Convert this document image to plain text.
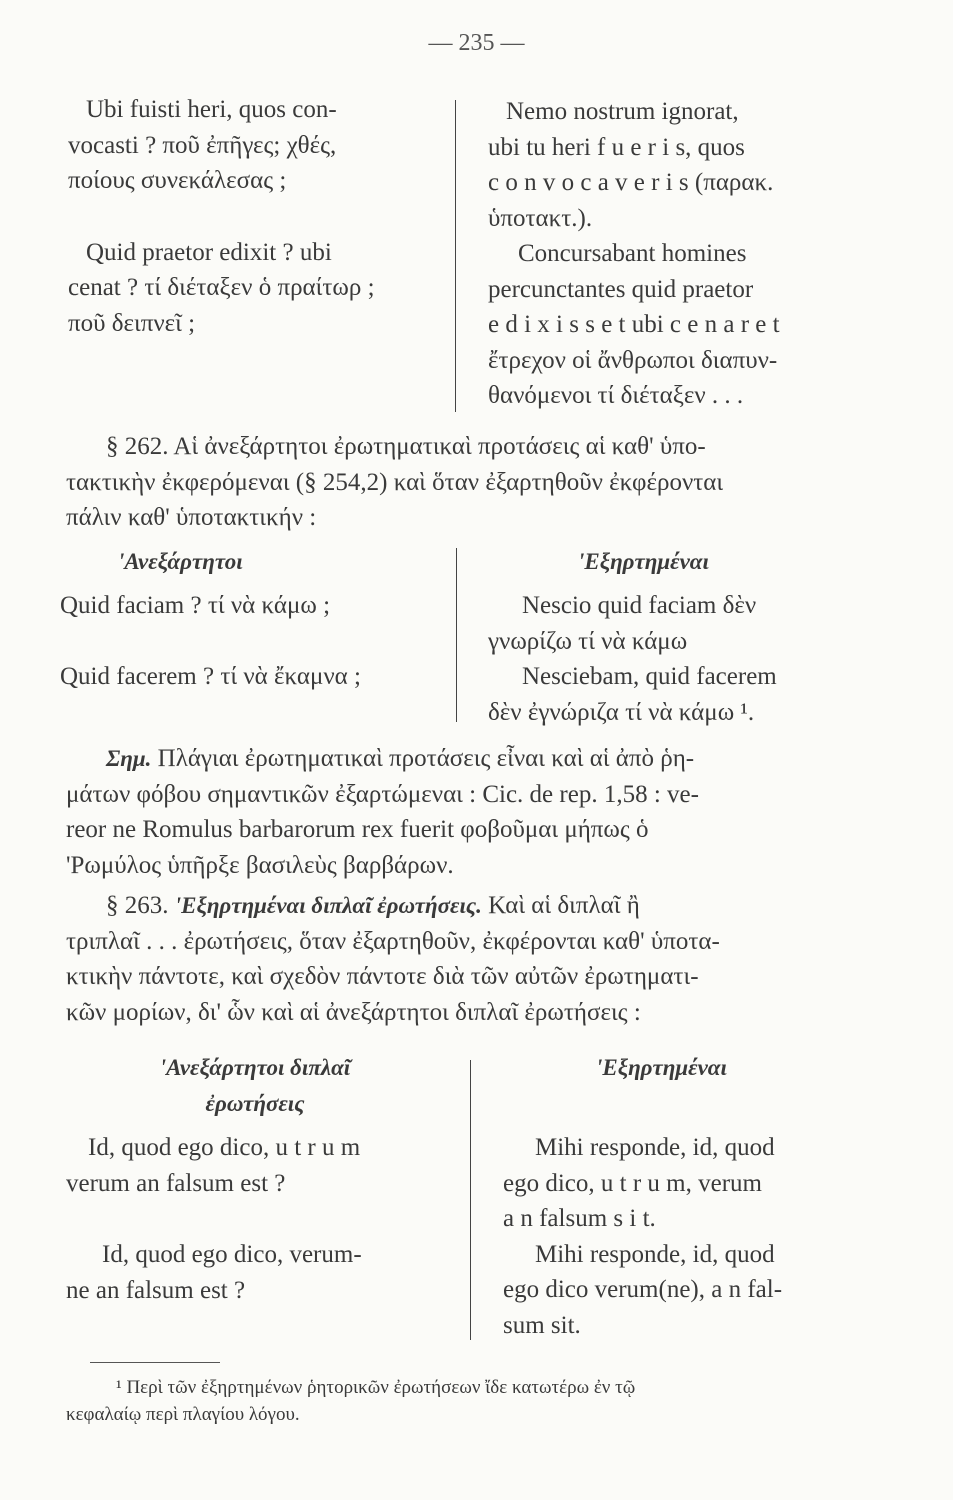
— 235 —
Ubi fuisti heri, quos con-
vocasti ? ποῦ ἐπῆγες; χθές,
ποίους συνεκάλεσας ;
Quid praetor edixit ? ubi
cenat ? τί διέταξεν ὁ πραίτωρ ;
ποῦ δειπνεῖ ;
Nemo nostrum ignorat,
ubi tu heri f u e r i s, quos
c o n v o c a v e r i s (παρακ.
ὑποτακτ.).
Concursabant homines
percunctantes quid praetor
e d i x i s s e t ubi c e n a r e t
ἔτρεχον οἱ ἄνθρωποι διαπυν-
θανόμενοι τί διέταξεν . . .
§ 262. Αἱ ἀνεξάρτητοι ἐρωτηματικαὶ προτάσεις αἱ καθ' ὑπο-
τακτικὴν ἐκφερόμεναι (§ 254,2) καὶ ὅταν ἐξαρτηθοῦν ἐκφέρονται
πάλιν καθ' ὑποτακτικήν :
'Ανεξάρτητοι	'Εξηρτημέναι
Quid faciam ? τί νὰ κάμω ;
Quid facerem ? τί νὰ ἔκαμνα ;
Nescio quid faciam δὲν
γνωρίζω τί νὰ κάμω
Nesciebam, quid facerem
δὲν ἐγνώριζα τί νὰ κάμω ¹.
Σημ. Πλάγιαι ἐρωτηματικαὶ προτάσεις εἶναι καὶ αἱ ἀπὸ ῥη-
μάτων φόβου σημαντικῶν ἐξαρτώμεναι : Cic. de rep. 1,58 : ve-
reor ne Romulus barbarorum rex fuerit φοβοῦμαι μήπως ὁ
'Ρωμύλος ὑπῆρξε βασιλεὺς βαρβάρων.
§ 263. 'Εξηρτημέναι διπλαῖ ἐρωτήσεις. Καὶ αἱ διπλαῖ ἢ
τριπλαῖ . . . ἐρωτήσεις, ὅταν ἐξαρτηθοῦν, ἐκφέρονται καθ' ὑποτα-
κτικὴν πάντοτε, καὶ σχεδὸν πάντοτε διὰ τῶν αὐτῶν ἐρωτηματι-
κῶν μορίων, δι' ὧν καὶ αἱ ἀνεξάρτητοι διπλαῖ ἐρωτήσεις :
'Ανεξάρτητοι διπλαῖ
ἐρωτήσεις
'Εξηρτημέναι
Id, quod ego dico, u t r u m
verum an falsum est ?
Id, quod ego dico, verum-
ne an falsum est ?
Mihi responde, id, quod
ego dico, u t r u m, verum
a n falsum s i t.
Mihi responde, id, quod
ego dico verum(ne), a n fal-
sum sit.
¹ Περὶ τῶν ἐξηρτημένων ῥητορικῶν ἐρωτήσεων ἴδε κατωτέρω ἐν τῷ
κεφαλαίῳ περὶ πλαγίου λόγου.
